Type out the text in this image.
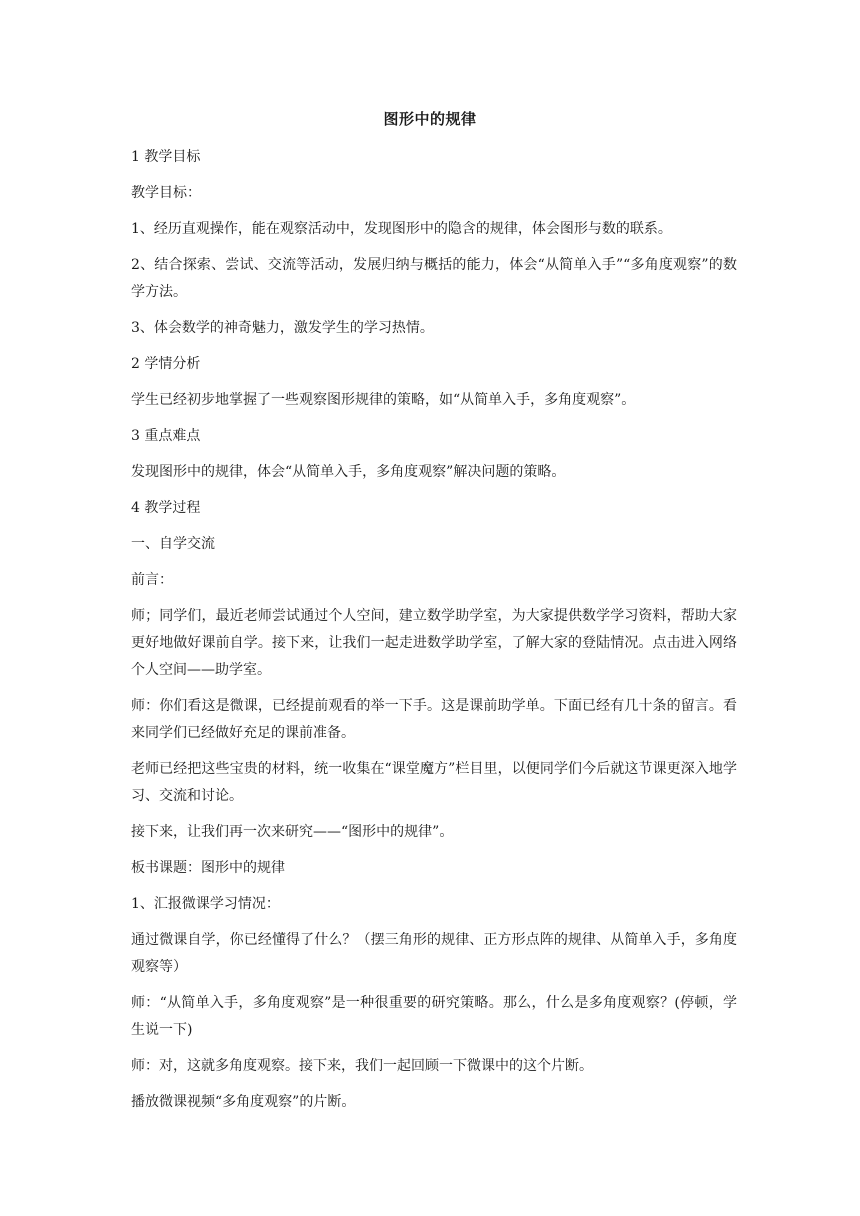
图形中的规律

1 教学目标

教学目标：

1、经历直观操作，能在观察活动中，发现图形中的隐含的规律，体会图形与数的联系。

2、结合探索、尝试、交流等活动，发展归纳与概括的能力，体会“从简单入手”“多角度观察”的数学方法。

3、体会数学的神奇魅力，激发学生的学习热情。

2 学情分析

学生已经初步地掌握了一些观察图形规律的策略，如“从简单入手，多角度观察”。

3 重点难点

发现图形中的规律，体会“从简单入手，多角度观察”解决问题的策略。

4 教学过程

一、自学交流

前言：

师；同学们，最近老师尝试通过个人空间，建立数学助学室，为大家提供数学学习资料，帮助大家更好地做好课前自学。接下来，让我们一起走进数学助学室，了解大家的登陆情况。点击进入网络个人空间——助学室。

师：你们看这是微课，已经提前观看的举一下手。这是课前助学单。下面已经有几十条的留言。看来同学们已经做好充足的课前准备。

老师已经把这些宝贵的材料，统一收集在“课堂魔方”栏目里，以便同学们今后就这节课更深入地学习、交流和讨论。

接下来，让我们再一次来研究——“图形中的规律”。

板书课题：图形中的规律

1、汇报微课学习情况：

通过微课自学，你已经懂得了什么？（摆三角形的规律、正方形点阵的规律、从简单入手，多角度观察等）

师：“从简单入手，多角度观察”是一种很重要的研究策略。那么，什么是多角度观察？(停顿，学生说一下)

师：对，这就多角度观察。接下来，我们一起回顾一下微课中的这个片断。

播放微课视频“多角度观察”的片断。
